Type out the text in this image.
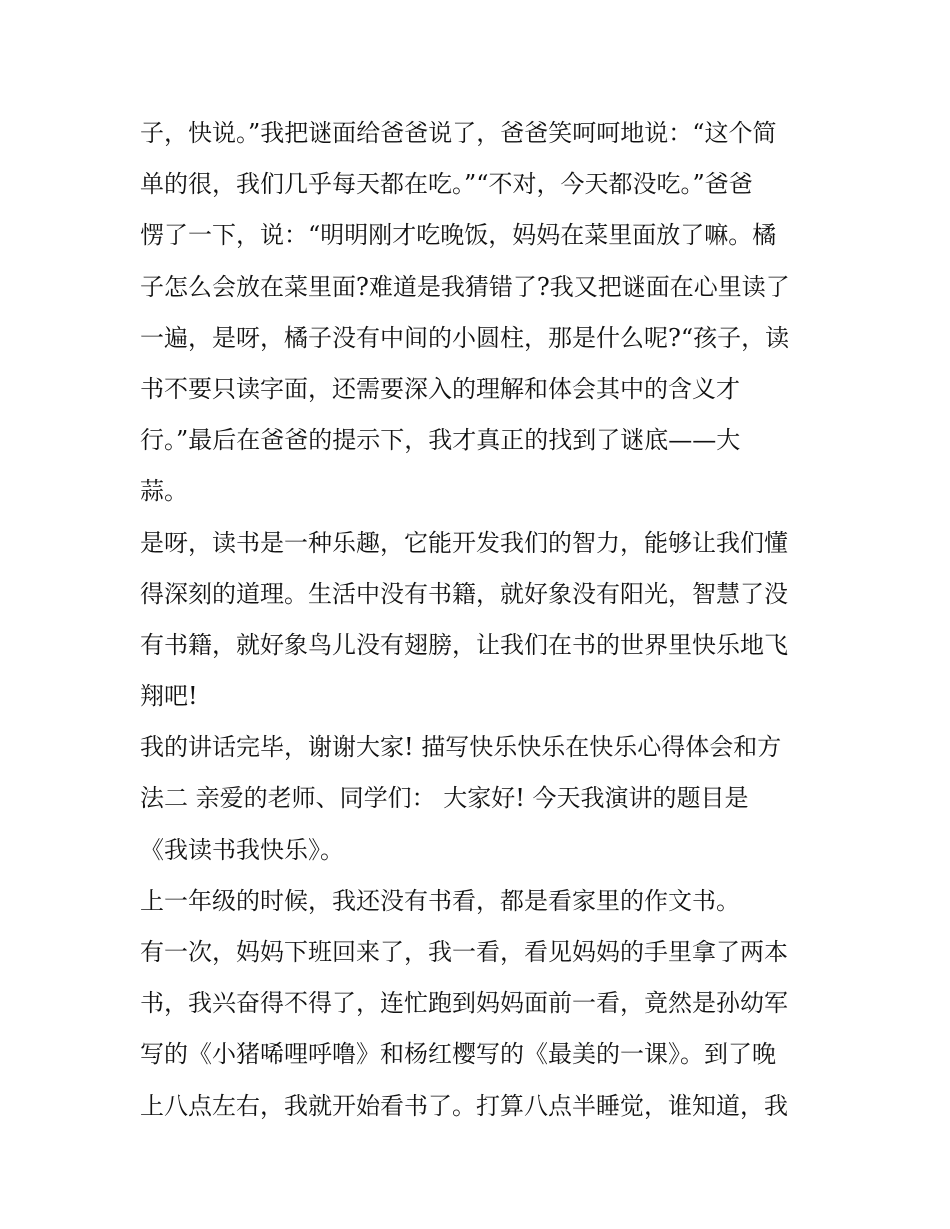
子，快说。”我把谜面给爸爸说了，爸爸笑呵呵地说：“这个简
单的很，我们几乎每天都在吃。”“不对，今天都没吃。”爸爸
愣了一下，说：“明明刚才吃晚饭，妈妈在菜里面放了嘛。橘
子怎么会放在菜里面?难道是我猜错了?我又把谜面在心里读了
一遍，是呀，橘子没有中间的小圆柱，那是什么呢?“孩子，读
书不要只读字面，还需要深入的理解和体会其中的含义才
行。”最后在爸爸的提示下，我才真正的找到了谜底——大
蒜。
是呀，读书是一种乐趣，它能开发我们的智力，能够让我们懂
得深刻的道理。生活中没有书籍，就好象没有阳光，智慧了没
有书籍，就好象鸟儿没有翅膀，让我们在书的世界里快乐地飞
翔吧!
我的讲话完毕，谢谢大家! 描写快乐快乐在快乐心得体会和方
法二 亲爱的老师、同学们： 大家好! 今天我演讲的题目是
《我读书我快乐》。
上一年级的时候，我还没有书看，都是看家里的作文书。
有一次，妈妈下班回来了，我一看，看见妈妈的手里拿了两本
书，我兴奋得不得了，连忙跑到妈妈面前一看，竟然是孙幼军
写的《小猪唏哩呼噜》和杨红樱写的《最美的一课》。到了晚
上八点左右，我就开始看书了。打算八点半睡觉，谁知道，我
